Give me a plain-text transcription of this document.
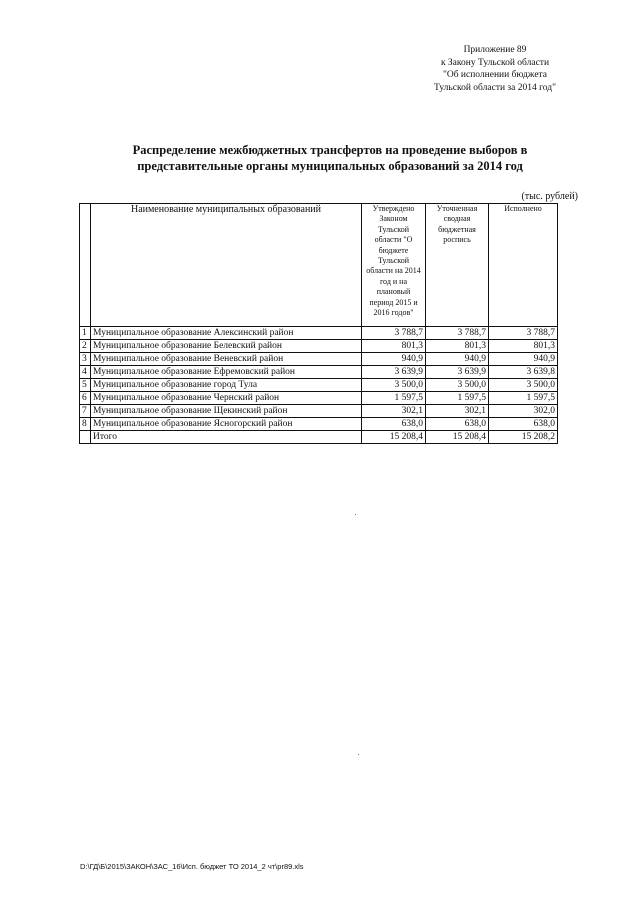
Приложение 89
к Закону Тульской области
"Об исполнении бюджета
Тульской области за 2014 год"
Распределение межбюджетных трансфертов на проведение выборов в
представительные органы муниципальных образований за 2014 год
(тыс. рублей)
	Наименование муниципальных образований	Утверждено Законом Тульской области "О бюджете Тульской области на 2014 год и на плановый период 2015 и 2016 годов"	Уточненная сводная бюджетная роспись	Исполнено
1	Муниципальное образование Алексинский район	3 788,7	3 788,7	3 788,7
2	Муниципальное образование Белевский район	801,3	801,3	801,3
3	Муниципальное образование Веневский район	940,9	940,9	940,9
4	Муниципальное образование Ефремовский район	3 639,9	3 639,9	3 639,8
5	Муниципальное образование город Тула	3 500,0	3 500,0	3 500,0
6	Муниципальное образование Чернский район	1 597,5	1 597,5	1 597,5
7	Муниципальное образование Щекинский район	302,1	302,1	302,0
8	Муниципальное образование Ясногорский район	638,0	638,0	638,0
	Итого	15 208,4	15 208,4	15 208,2
D:\ГД\Б\2015\ЗАКОН\ЗАС_16\Исп. бюджет ТО 2014_2 чт\pr89.xls
